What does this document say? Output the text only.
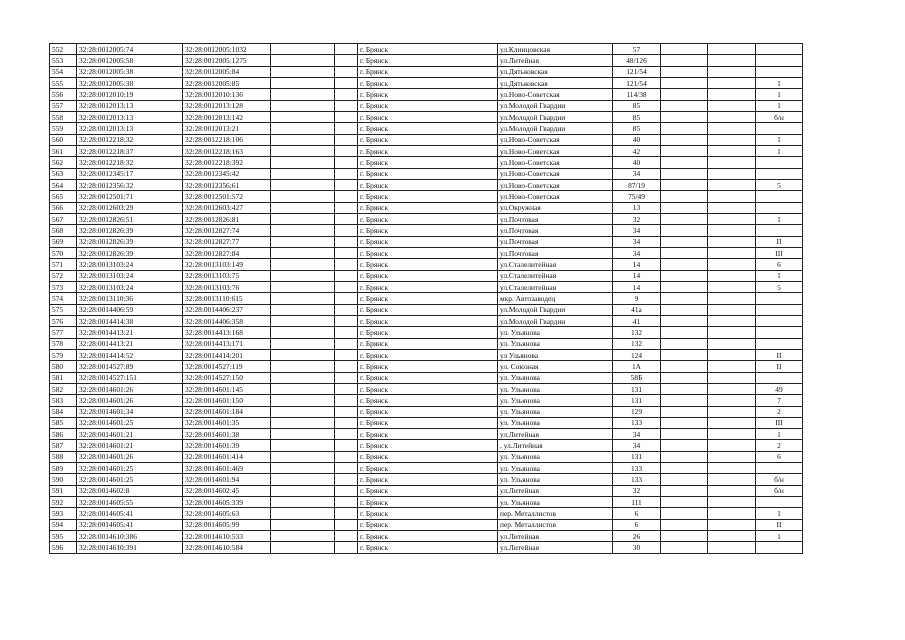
552	32:28:0012005:74	32:28:0012005:1032			г. Брянск	ул.Клинцовская	57			
553	32:28:0012005:58	32:28:0012005:1275			г. Брянск	ул.Литейная	48/126			
554	32:28:0012005:38	32:28:0012005:84			г. Брянск	ул.Дятьковская	121/54			
555	32:28:0012005:38	32:28:0012005:85			г. Брянск	ул.Дятьковская	121/54			1
556	32:28:0012010:19	32:28:0012010:136			г. Брянск	ул.Ново-Советская	114/38			1
557	32:28:0012013:13	32:28:0012013:128			г. Брянск	ул.Молодой Гвардии	85			1
558	32:28:0012013:13	32:28:0012013:142			г. Брянск	ул.Молодой Гвардии	85			б/н
559	32:28:0012013:13	32:28:0012013:21			г. Брянск	ул.Молодой Гвардии	85			
560	32:28:0012218:32	32:28:0012218:106			г. Брянск	ул.Ново-Советская	40			1
561	32:28:0012218:37	32:28:0012218:163			г. Брянск	ул.Ново-Советская	42			1
562	32:28:0012218:32	32:28:0012218:392			г. Брянск	ул.Ново-Советская	40			
563	32:28:0012345:17	32:28:0012345:42			г. Брянск	ул.Ново-Советская	34			
564	32:28:0012356:32	32:28:0012356:61			г. Брянск	ул.Ново-Советская	87/19			5
565	32:28:0012501:71	32:28:0012501:572			г. Брянск	ул.Ново-Советская	75/49			
566	32:28:0012603:29	32:28:0012603:427			г. Брянск	ул.Окружная	13			
567	32:28:0012826:51	32:28:0012826:81			г. Брянск	ул.Почтовая	32			1
568	32:28:0012826:39	32:28:0012827:74			г. Брянск	ул.Почтовая	34			
569	32:28:0012826:39	32:28:0012827:77			г. Брянск	ул.Почтовая	34			II
570	32:28:0012826:39	32:28:0012827:84			г. Брянск	ул.Почтовая	34			III
571	32:28:0013103:24	32:28:0013103:149			г. Брянск	ул.Сталелитейная	14			6
572	32:28:0013103:24	32:28:0013103:75			г. Брянск	ул.Сталелитейная	14			1
573	32:28:0013103:24	32:28:0013103:76			г. Брянск	ул.Сталелитейная	14			5
574	32:28:0013110:36	32:28:0013110:615			г. Брянск	мкр. Автозаводец	9			
575	32:28:0014406:59	32:28:0014406:237			г. Брянск	ул.Молодой Гвардии	41а			
576	32:28:0014414:38	32:28:0014406:358			г. Брянск	ул.Молодой Гвардии	41			
577	32:28:0014413:21	32:28:0014413:168			г. Брянск	ул. Ульянова	132			
578	32:28:0014413:21	32:28:0014413:171			г. Брянск	ул. Ульянова	132			
579	32:28:0014414:52	32:28:0014414:201			г. Брянск	ул Ульянова	124			II
580	32:28:0014527:89	32:28:0014527:119			г. Брянск	ул. Союзная	1А			II
581	32:28:0014527:151	32:28:0014527:150			г. Брянск	ул. Ульянова	58Б			
582	32:28:0014601:26	32:28:0014601:145			г. Брянск	ул. Ульянова	131			49
583	32:28:0014601:26	32:28:0014601:150			г. Брянск	ул. Ульянова	131			7
584	32:28:0014601:34	32:28:0014601:184			г. Брянск	ул. Ульянова	129			2
585	32:28:0014601:25	32:28:0014601:35			г. Брянск	ул. Ульянова	133			III
586	32:28:0014601:21	32:28:0014601:38			г. Брянск	ул.Литейная	34			1
587	32:28:0014601:21	32:28:0014601:39			г. Брянск	, ул.Литейная	34			2
588	32:28:0014601:26	32:28:0014601:414			г. Брянск	ул. Ульянова	131			6
589	32:28:0014601:25	32:28:0014601:469			г. Брянск	ул. Ульянова	133			
590	32:28:0014601:25	32:28:0014601:94			г. Брянск	ул. Ульянова	133			б/н
591	32:28:0014602:8	32:28:0014602:45			г. Брянск	ул.Литейная	32			б/н
592	32:28:0014605:55	32:28:0014605:339			г. Брянск	ул. Ульянова	111			
593	32:28:0014605:41	32:28:0014605:63			г. Брянск	пер. Металлистов	6			1
594	32:28:0014605:41	32:28:0014605:99			г. Брянск	пер. Металлистов	6			II
595	32:28:0014610:386	32:28:0014610:533			г. Брянск	ул.Литейная	26			1
596	32:28:0014610:391	32:28:0014610:584			г. Брянск	ул.Литейная	30			
